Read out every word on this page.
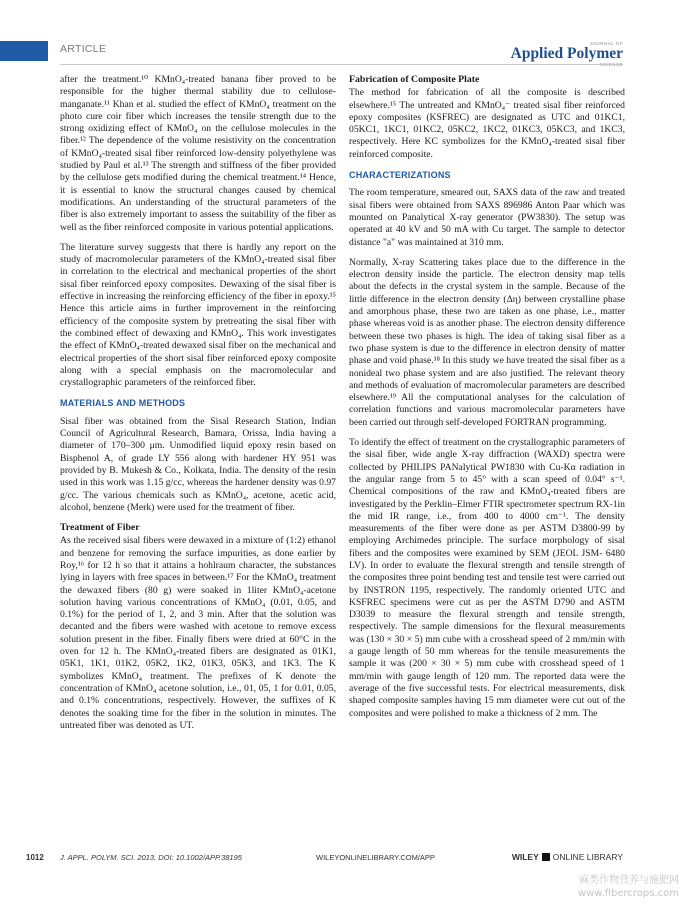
ARTICLE	JOURNAL OF
Applied Polymer

after the treatment.¹⁰ KMnO₄-treated banana fiber proved to be responsible for the higher thermal stability due to cellulose-manganate.¹¹ Khan et al. studied the effect of KMnO₄ treatment on the photo cure coir fiber which increases the tensile strength due to the strong oxidizing effect of KMnO₄ on the cellulose molecules in the fiber.¹² The dependence of the volume resistivity on the concentration of KMnO₄-treated sisal fiber reinforced low-density polyethylene was studied by Paul et al.¹³ The strength and stiffness of the fiber provided by the cellulose gets modified during the chemical treatment.¹⁴ Hence, it is essential to know the structural changes caused by chemical modifications. An understanding of the structural parameters of the fiber is also extremely important to assess the suitability of the fiber as well as the fiber reinforced composite in various potential applications.

The literature survey suggests that there is hardly any report on the study of macromolecular parameters of the KMnO₄-treated sisal fiber in correlation to the electrical and mechanical properties of the short sisal fiber reinforced epoxy composites. Dewaxing of the sisal fiber is effective in increasing the reinforcing efficiency of the fiber in epoxy.¹⁵ Hence this article aims in further improvement in the reinforcing efficiency of the composite system by pretreating the sisal fiber with the combined effect of dewaxing and KMnO₄. This work investigates the effect of KMnO₄-treated dewaxed sisal fiber on the mechanical and electrical properties of the short sisal fiber reinforced epoxy composite along with a special emphasis on the macromolecular and crystallographic parameters of the reinforced fiber.

MATERIALS AND METHODS

Sisal fiber was obtained from the Sisal Research Station, Indian Council of Agricultural Research, Bamara, Orissa, India having a diameter of 170–300 μm. Unmodified liquid epoxy resin based on Bisphenol A, of grade LY 556 along with hardener HY 951 was provided by B. Mukesh & Co., Kolkata, India. The density of the resin used in this work was 1.15 g/cc, whereas the hardener density was 0.97 g/cc. The various chemicals such as KMnO₄, acetone, acetic acid, alcohol, benzene (Merk) were used for the treatment of fiber.

Treatment of Fiber

As the received sisal fibers were dewaxed in a mixture of (1:2) ethanol and benzene for removing the surface impurities, as done earlier by Roy,¹⁶ for 12 h so that it attains a hohlraum character, the substances lying in layers with free spaces in between.¹⁷ For the KMnO₄ treatment the dewaxed fibers (80 g) were soaked in 1liter KMnO₄-acetone solution having various concentrations of KMnO₄ (0.01, 0.05, and 0.1%) for the period of 1, 2, and 3 min. After that the solution was decanted and the fibers were washed with acetone to remove excess solution present in the fiber. Finally fibers were dried at 60°C in the oven for 12 h. The KMnO₄-treated fibers are designated as 01K1, 05K1, 1K1, 01K2, 05K2, 1K2, 01K3, 05K3, and 1K3. The K symbolizes KMnO₄ treatment. The prefixes of K denote the concentration of KMnO₄ acetone solution, i.e., 01, 05, 1 for 0.01, 0.05, and 0.1% concentrations, respectively. However, the suffixes of K denotes the soaking time for the fiber in the solution in minutes. The untreated fiber was denoted as UT.

Fabrication of Composite Plate

The method for fabrication of all the composite is described elsewhere.¹⁵ The untreated and KMnO₄⁻ treated sisal fiber reinforced epoxy composites (KSFREC) are designated as UTC and 01KC1, 05KC1, 1KC1, 01KC2, 05KC2, 1KC2, 01KC3, 05KC3, and 1KC3, respectively. Here KC symbolizes for the KMnO₄-treated sisal fiber reinforced composite.

CHARACTERIZATIONS

The room temperature, smeared out, SAXS data of the raw and treated sisal fibers were obtained from SAXS 896986 Anton Paar which was mounted on Panalytical X-ray generator (PW3830). The setup was operated at 40 kV and 50 mA with Cu target. The sample to detector distance "a" was maintained at 310 mm.

Normally, X-ray Scattering takes place due to the difference in the electron density inside the particle. The electron density map tells about the defects in the crystal system in the sample. Because of the little difference in the electron density (Δη) between crystalline phase and amorphous phase, these two are taken as one phase, i.e., matter phase whereas void is as another phase. The electron density difference between these two phases is high. The idea of taking sisal fiber as a two phase system is due to the difference in electron density of matter phase and void phase.¹⁸ In this study we have treated the sisal fiber as a nonideal two phase system and are also justified. The relevant theory and methods of evaluation of macromolecular parameters are described elsewhere.¹⁹ All the computational analyses for the calculation of correlation functions and various macromolecular parameters have been carried out through self-developed FORTRAN programming.

To identify the effect of treatment on the crystallographic parameters of the sisal fiber, wide angle X-ray diffraction (WAXD) spectra were collected by PHILIPS PANalytical PW1830 with Cu-Kα radiation in the angular range from 5 to 45° with a scan speed of 0.04° s⁻¹. Chemical compositions of the raw and KMnO₄-treated fibers are investigated by the Perklin–Elmer FTIR spectrometer spectrum RX-1in the mid IR range, i.e., from 400 to 4000 cm⁻¹. The density measurements of the fiber were done as per ASTM D3800-99 by employing Archimedes principle. The surface morphology of sisal fibers and the composites were examined by SEM (JEOL JSM- 6480 LV). In order to evaluate the flexural strength and tensile strength of the composites three point bending test and tensile test were carried out by INSTRON 1195, respectively. The randomly oriented UTC and KSFREC specimens were cut as per the ASTM D790 and ASTM D3039 to measure the flexural strength and tensile strength, respectively. The sample dimensions for the flexural measurements was (130 × 30 × 5) mm cube with a crosshead speed of 2 mm/min with a gauge length of 50 mm whereas for the tensile measurements the sample it was (200 × 30 × 5) mm cube with crosshead speed of 1 mm/min with gauge length of 120 mm. The reported data were the average of the five successful tests. For electrical measurements, disk shaped composite samples having 15 mm diameter were cut out of the composites and were polished to make a thickness of 2 mm. The

1012 J. APPL. POLYM. SCI. 2013, DOI: 10.1002/APP.38195	WILEYONLINELIBRARY.COM/APP	WILEY ONLINE LIBRARY
麻类作物营养与施肥网
www.fibercrops.com
